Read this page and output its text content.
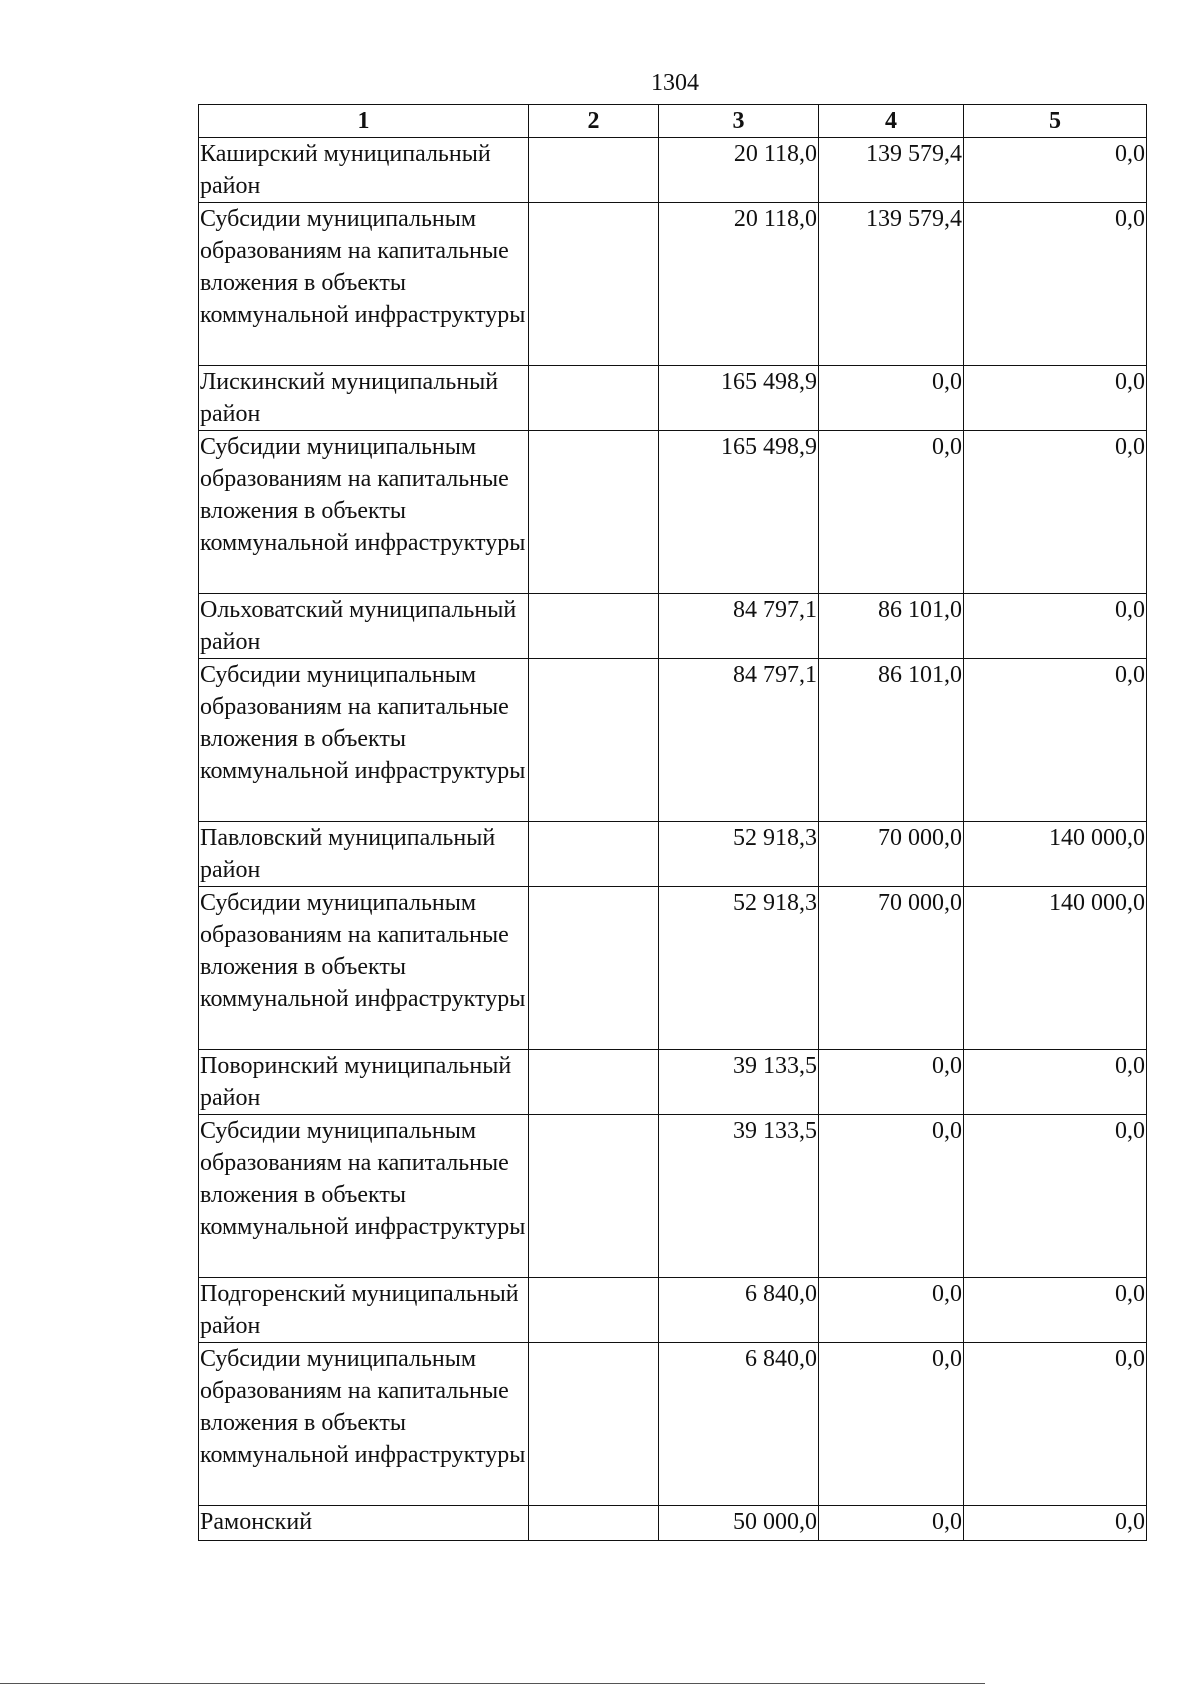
1304
1	2	3	4	5
Каширский муниципальный район		20 118,0	139 579,4	0,0
Субсидии муниципальным образованиям на капитальные вложения в объекты коммунальной инфраструктуры		20 118,0	139 579,4	0,0
Лискинский муниципальный район		165 498,9	0,0	0,0
Субсидии муниципальным образованиям на капитальные вложения в объекты коммунальной инфраструктуры		165 498,9	0,0	0,0
Ольховатский муниципальный район		84 797,1	86 101,0	0,0
Субсидии муниципальным образованиям на капитальные вложения в объекты коммунальной инфраструктуры		84 797,1	86 101,0	0,0
Павловский муниципальный район		52 918,3	70 000,0	140 000,0
Субсидии муниципальным образованиям на капитальные вложения в объекты коммунальной инфраструктуры		52 918,3	70 000,0	140 000,0
Поворинский муниципальный район		39 133,5	0,0	0,0
Субсидии муниципальным образованиям на капитальные вложения в объекты коммунальной инфраструктуры		39 133,5	0,0	0,0
Подгоренский муниципальный район		6 840,0	0,0	0,0
Субсидии муниципальным образованиям на капитальные вложения в объекты коммунальной инфраструктуры		6 840,0	0,0	0,0
Рамонский		50 000,0	0,0	0,0
